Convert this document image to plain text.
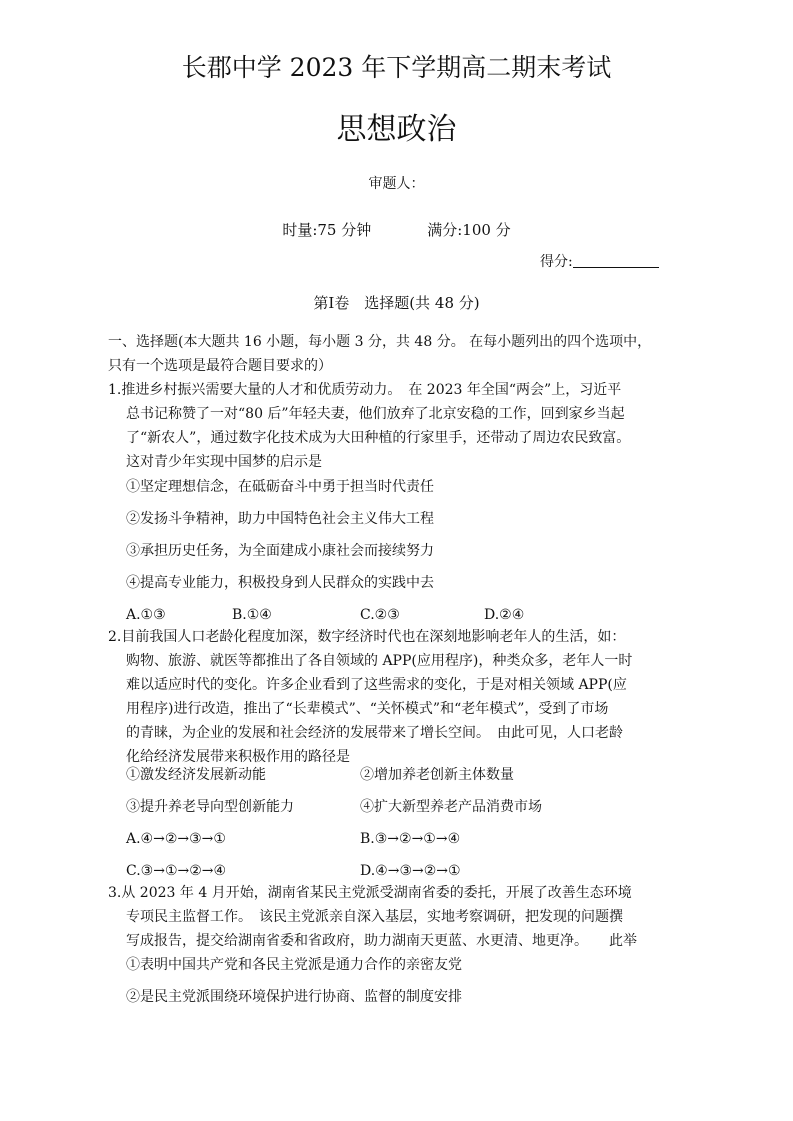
长郡中学 2023 年下学期高二期末考试
思想政治
审题人：
时量:75 分钟	满分:100 分
得分:
第Ⅰ卷　选择题(共 48 分)
一、选择题(本大题共 16 小题，每小题 3 分，共 48 分。 在每小题列出的四个选项中，
只有一个选项是最符合题目要求的）
1.推进乡村振兴需要大量的人才和优质劳动力。　在 2023 年全国“两会”上，习近平
总书记称赞了一对“80 后”年轻夫妻，他们放弃了北京安稳的工作，回到家乡当起
了“新农人”，通过数字化技术成为大田种植的行家里手，还带动了周边农民致富。
这对青少年实现中国梦的启示是
①坚定理想信念，在砥砺奋斗中勇于担当时代责任
②发扬斗争精神，助力中国特色社会主义伟大工程
③承担历史任务，为全面建成小康社会而接续努力
④提高专业能力，积极投身到人民群众的实践中去
A.①③	B.①④	C.②③	D.②④
2.目前我国人口老龄化程度加深，数字经济时代也在深刻地影响老年人的生活，如：
购物、旅游、就医等都推出了各自领域的 APP(应用程序)，种类众多，老年人一时
难以适应时代的变化。许多企业看到了这些需求的变化，于是对相关领域 APP(应
用程序)进行改造，推出了“长辈模式”、“关怀模式”和“老年模式”，受到了市场
的青睐，为企业的发展和社会经济的发展带来了增长空间。　由此可见，人口老龄
化给经济发展带来积极作用的路径是
①激发经济发展新动能	②增加养老创新主体数量
③提升养老导向型创新能力	④扩大新型养老产品消费市场
A.④→②→③→①	B.③→②→①→④
C.③→①→②→④	D.④→③→②→①
3.从 2023 年 4 月开始，湖南省某民主党派受湖南省委的委托，开展了改善生态环境
专项民主监督工作。　该民主党派亲自深入基层，实地考察调研，把发现的问题撰
写成报告，提交给湖南省委和省政府，助力湖南天更蓝、水更清、地更净。　　此举
①表明中国共产党和各民主党派是通力合作的亲密友党
②是民主党派围绕环境保护进行协商、监督的制度安排
